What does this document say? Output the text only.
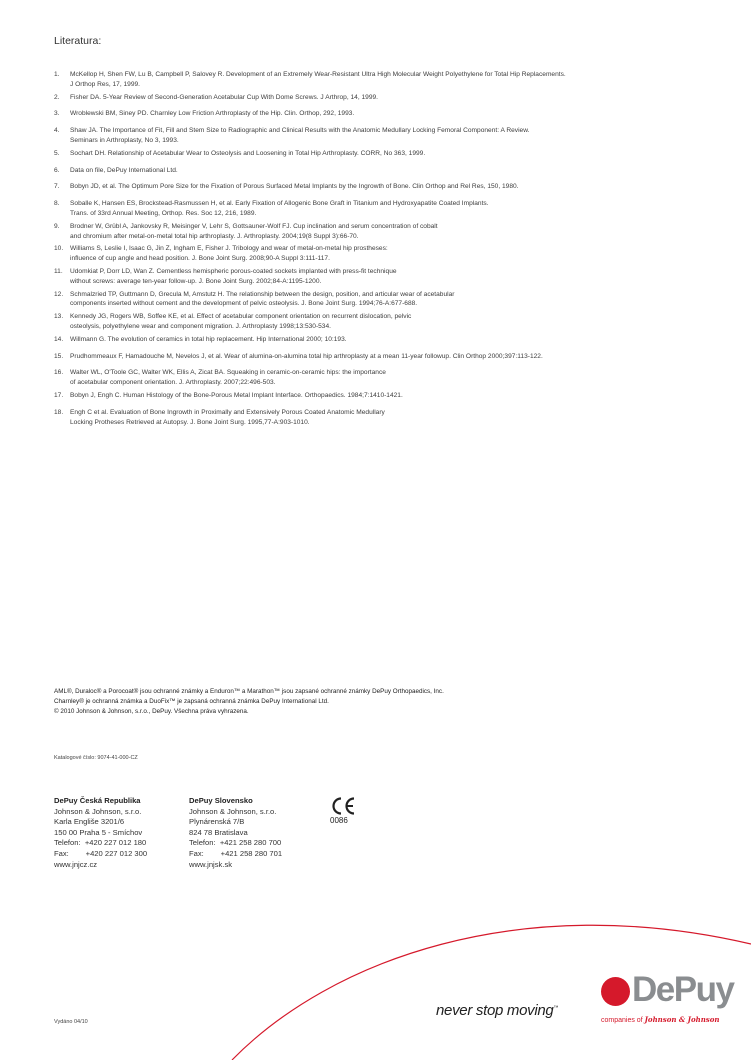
Literatura:
1.	McKellop H, Shen FW, Lu B, Campbell P, Salovey R. Development of an Extremely Wear-Resistant Ultra High Molecular Weight Polyethylene for Total Hip Replacements.
J Orthop Res, 17, 1999.
2.	Fisher DA. 5-Year Review of Second-Generation Acetabular Cup With Dome Screws. J Arthrop, 14, 1999.
3.	Wroblewski BM, Siney PD. Charnley Low Friction Arthroplasty of the Hip. Clin. Orthop, 292, 1993.
4.	Shaw JA. The Importance of Fit, Fill and Stem Size to Radiographic and Clinical Results with the Anatomic Medullary Locking Femoral Component: A Review.
Seminars in Arthroplasty, No 3, 1993.
5.	Sochart DH. Relationship of Acetabular Wear to Osteolysis and Loosening in Total Hip Arthroplasty. CORR, No 363, 1999.
6.	Data on file, DePuy International Ltd.
7.	Bobyn JD, et al. The Optimum Pore Size for the Fixation of Porous Surfaced Metal Implants by the Ingrowth of Bone. Clin Orthop and Rel Res, 150, 1980.
8.	Soballe K, Hansen ES, Brockstead-Rasmussen H, et al. Early Fixation of Allogenic Bone Graft in Titanium and Hydroxyapatite Coated Implants.
Trans. of 33rd Annual Meeting, Orthop. Res. Soc 12, 216, 1989.
9.	Brodner W, Grübl A, Jankovsky R, Meisinger V, Lehr S, Gottsauner-Wolf FJ. Cup inclination and serum concentration of cobalt
and chromium after metal-on-metal total hip arthroplasty. J. Arthroplasty. 2004;19(8 Suppl 3):66-70.
10.	Williams S, Leslie I, Isaac G, Jin Z, Ingham E, Fisher J. Tribology and wear of metal-on-metal hip prostheses:
influence of cup angle and head position. J. Bone Joint Surg. 2008;90-A Suppl 3:111-117.
11.	Udomkiat P, Dorr LD, Wan Z. Cementless hemispheric porous-coated sockets implanted with press-fit technique
without screws: average ten-year follow-up. J. Bone Joint Surg. 2002;84-A:1195-1200.
12.	Schmalzried TP, Guttmann D, Grecula M, Amstutz H. The relationship between the design, position, and articular wear of acetabular
components inserted without cement and the development of pelvic osteolysis. J. Bone Joint Surg. 1994;76-A:677-688.
13.	Kennedy JG, Rogers WB, Soffee KE, et al. Effect of acetabular component orientation on recurrent dislocation, pelvic
osteolysis, polyethylene wear and component migration. J. Arthroplasty 1998;13:530-534.
14.	Willmann G. The evolution of ceramics in total hip replacement. Hip International 2000; 10:193.
15.	Prudhommeaux F, Hamadouche M, Nevelos J, et al. Wear of alumina-on-alumina total hip arthroplasty at a mean 11-year followup. Clin Orthop 2000;397:113-122.
16.	Walter WL, O'Toole GC, Walter WK, Ellis A, Zicat BA. Squeaking in ceramic-on-ceramic hips: the importance
of acetabular component orientation. J. Arthroplasty. 2007;22:496-503.
17.	Bobyn J, Engh C. Human Histology of the Bone-Porous Metal Implant Interface. Orthopaedics. 1984;7:1410-1421.
18.	Engh C et al. Evaluation of Bone Ingrowth in Proximally and Extensively Porous Coated Anatomic Medullary
Locking Protheses Retrieved at Autopsy. J. Bone Joint Surg. 1995,77-A:903-1010.
AML®, Duraloc® a Porocoat® jsou ochranné známky a Enduron™ a Marathon™ jsou zapsané ochranné známky DePuy Orthopaedics, Inc.
Charnley® je ochranná známka a DuoFix™ je zapsaná ochranná známka DePuy International Ltd.
© 2010 Johnson & Johnson, s.r.o., DePuy. Všechna práva vyhrazena.
Katalogové číslo: 9074-41-000-CZ
DePuy Česká Republika
Johnson & Johnson, s.r.o.
Karla Engliše 3201/6
150 00 Praha 5 - Smíchov
Telefon:  +420 227 012 180
Fax:        +420 227 012 300
www.jnjcz.cz
DePuy Slovensko
Johnson & Johnson, s.r.o.
Plynárenská 7/B
824 78 Bratislava
Telefon:  +421 258 280 700
Fax:        +421 258 280 701
www.jnjsk.sk
0086
never stop moving™ DePuy
companies of Johnson & Johnson
Vydáno 04/10
